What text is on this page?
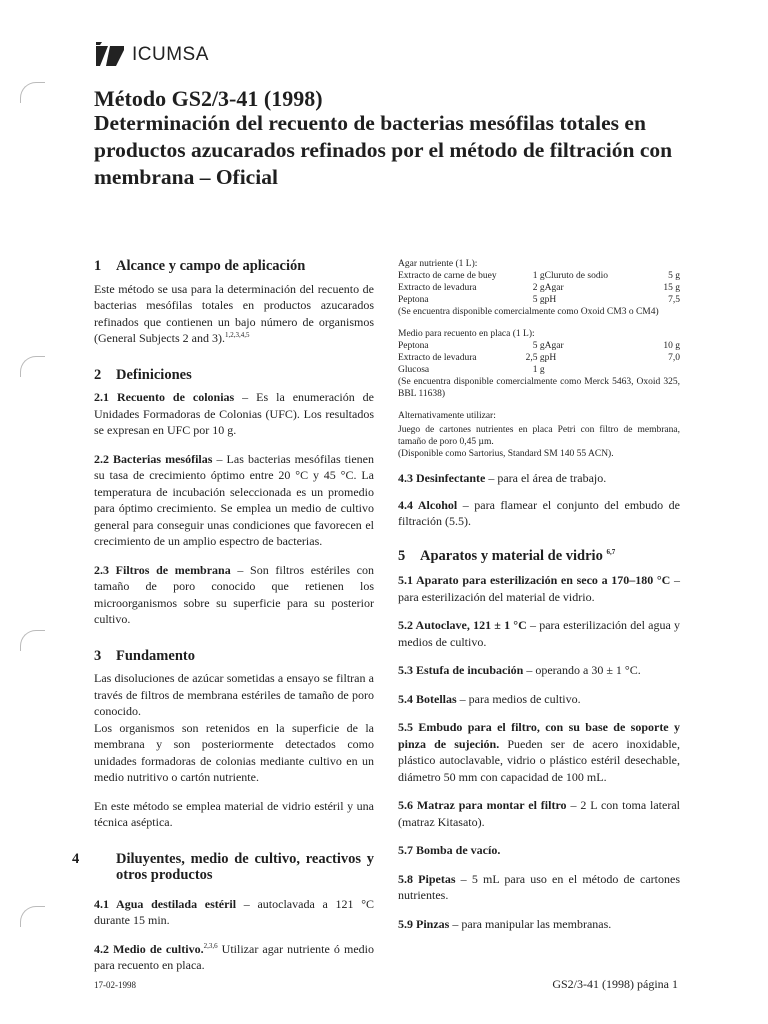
ICUMSA
Método GS2/3-41 (1998)
Determinación del recuento de bacterias mesófilas totales en productos azucarados refinados por el método de filtración con membrana – Oficial
1 Alcance y campo de aplicación

Este método se usa para la determinación del recuento de bacterias mesófilas totales en productos azucarados refinados que contienen un bajo número de organismos (General Subjects 2 and 3).$^{1,2,3,4,5}$

2 Definiciones

2.1 Recuento de colonias – Es la enumeración de Unidades Formadoras de Colonias (UFC). Los resultados se expresan en UFC por 10 g.

2.2 Bacterias mesófilas – Las bacterias mesófilas tienen su tasa de crecimiento óptimo entre 20 °C y 45 °C. La temperatura de incubación seleccionada es un promedio para óptimo crecimiento. Se emplea un medio de cultivo general para conseguir unas condiciones que favorecen el crecimiento de un amplio espectro de bacterias.

2.3 Filtros de membrana – Son filtros estériles con tamaño de poro conocido que retienen los microorganismos sobre su superficie para su posterior cultivo.

3 Fundamento

Las disoluciones de azúcar sometidas a ensayo se filtran a través de filtros de membrana estériles de tamaño de poro conocido.

Los organismos son retenidos en la superficie de la membrana y son posteriormente detectados como unidades formadoras de colonias mediante cultivo en un medio nutritivo o cartón nutriente.

En este método se emplea material de vidrio estéril y una técnica aséptica.

4	Diluyentes, medio de cultivo, reactivos y otros productos

4.1 Agua destilada estéril – autoclavada a 121 °C durante 15 min.

4.2 Medio de cultivo.$^{2,3,6}$ Utilizar agar nutriente ó medio para recuento en placa.

Agar nutriente (1 L):
Extracto de carne de buey	1 g	Cluruto de sodio	5 g
Extracto de levadura	2 g	Agar	15 g
Peptona	5 g	pH	7,5
(Se encuentra disponible comercialmente como Oxoid CM3 o CM4)
Medio para recuento en placa (1 L):
Peptona	5 g	Agar	10 g
Extracto de levadura	2,5 g	pH	7,0
Glucosa	1 g		
(Se encuentra disponible comercialmente como Merck 5463, Oxoid 325, BBL 11638)
Alternativamente utilizar:
Juego de cartones nutrientes en placa Petri con filtro de membrana, tamaño de poro 0,45 µm.
(Disponible como Sartorius, Standard SM 140 55 ACN).

4.3 Desinfectante – para el área de trabajo.

4.4 Alcohol – para flamear el conjunto del embudo de filtración (5.5).

5 Aparatos y material de vidrio $^{6,7}$

5.1 Aparato para esterilización en seco a 170–180 °C – para esterilización del material de vidrio.

5.2 Autoclave, 121 ± 1 °C – para esterilización del agua y medios de cultivo.

5.3 Estufa de incubación – operando a 30 ± 1 °C.

5.4 Botellas – para medios de cultivo.

5.5 Embudo para el filtro, con su base de soporte y pinza de sujeción. Pueden ser de acero inoxidable, plástico autoclavable, vidrio o plástico estéril desechable, diámetro 50 mm con capacidad de 100 mL.

5.6 Matraz para montar el filtro – 2 L con toma lateral (matraz Kitasato).

5.7 Bomba de vacío.

5.8 Pipetas – 5 mL para uso en el método de cartones nutrientes.

5.9 Pinzas – para manipular las membranas.

17-02-1998	GS2/3-41 (1998) página 1
